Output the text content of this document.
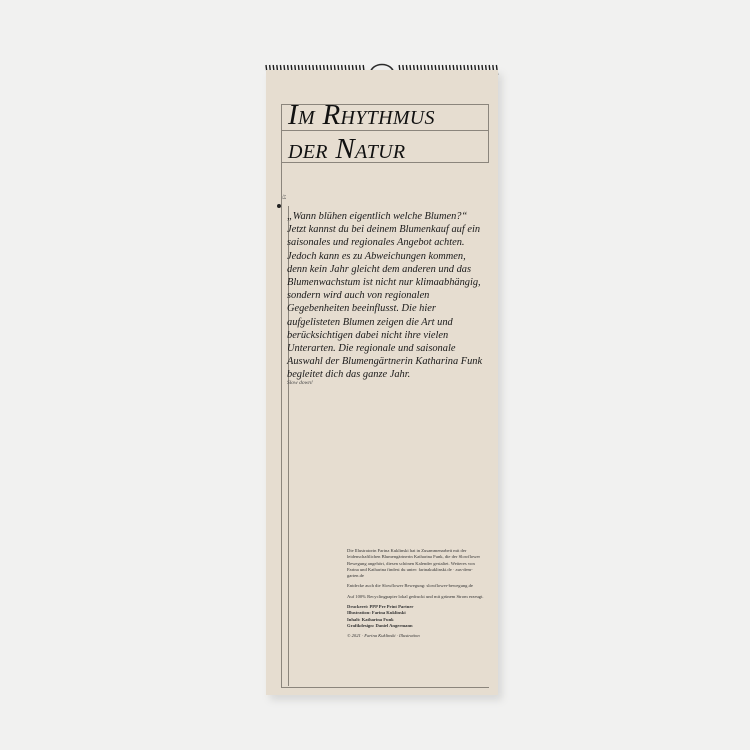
Im Rhythmus
der Natur
Fr
„Wann blühen eigentlich welche Blumen?“ Jetzt kannst du bei deinem Blumenkauf auf ein saisonales und regionales Angebot achten. Jedoch kann es zu Abweichungen kommen, denn kein Jahr gleicht dem anderen und das Blumenwachstum ist nicht nur klimaabhängig, sondern wird auch von regionalen Gegebenheiten beeinflusst. Die hier aufgelisteten Blumen zeigen die Art und berücksichtigen dabei nicht ihre vielen Unterarten. Die regionale und saisonale Auswahl der Blumengärtnerin Katharina Funk begleitet dich das ganze Jahr.
Slow down!

Die Illustratorin Farina Kuklinski hat in Zusammenarbeit mit der leidenschaftlichen Blumengärtnerin Katharina Funk, die der Slowflower Bewegung angehört, diesen schönen Kalender gestaltet. Weiteres von Farina und Katharina findest du unter: farinakuklinski.de · aus-dem-garten.de

Entdecke auch die Slowflower Bewegung: slowflower-bewegung.de

Auf 100% Recyclingpapier lokal gedruckt und mit grünem Strom erzeugt.

Druckerei: PPP Pre Print Partner
Illustration: Farina Kuklinski
Inhalt: Katharina Funk
Grafikdesign: Daniel Angermann

© 2021 · Farina Kuklinski · Illustration
